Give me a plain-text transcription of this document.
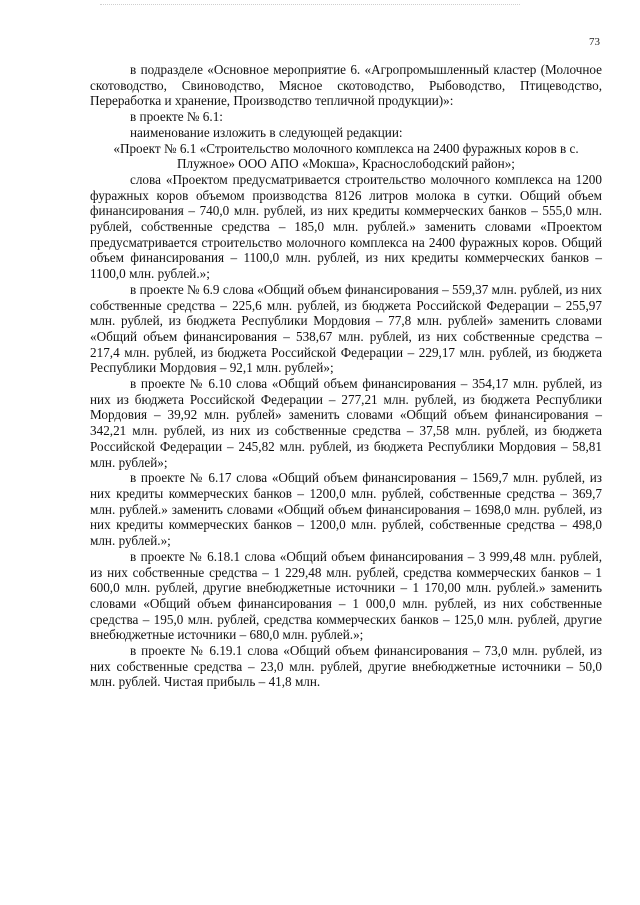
73

в подразделе «Основное мероприятие 6. «Агропромышленный кластер (Молочное скотоводство, Свиноводство, Мясное скотоводство, Рыбоводство, Птицеводство, Переработка и хранение, Производство тепличной продукции)»:

в проекте № 6.1:

наименование изложить в следующей редакции:

«Проект № 6.1 «Строительство молочного комплекса на 2400 фуражных коров в с. Плужное» ООО АПО «Мокша», Краснослободский район»;

слова «Проектом предусматривается строительство молочного комплекса на 1200 фуражных коров объемом производства 8126 литров молока в сутки. Общий объем финансирования – 740,0 млн. рублей, из них кредиты коммерческих банков – 555,0 млн. рублей, собственные средства – 185,0 млн. рублей.» заменить словами «Проектом предусматривается строительство молочного комплекса на 2400 фуражных коров. Общий объем финансирования – 1100,0 млн. рублей, из них кредиты коммерческих банков – 1100,0 млн. рублей.»;

в проекте № 6.9 слова «Общий объем финансирования – 559,37 млн. рублей, из них собственные средства – 225,6 млн. рублей, из бюджета Российской Федерации – 255,97 млн. рублей, из бюджета Республики Мордовия – 77,8 млн. рублей» заменить словами «Общий объем финансирования – 538,67 млн. рублей, из них собственные средства – 217,4 млн. рублей, из бюджета Российской Федерации – 229,17 млн. рублей, из бюджета Республики Мордовия – 92,1 млн. рублей»;

в проекте № 6.10 слова «Общий объем финансирования – 354,17 млн. рублей, из них из бюджета Российской Федерации – 277,21 млн. рублей, из бюджета Республики Мордовия – 39,92 млн. рублей» заменить словами «Общий объем финансирования – 342,21 млн. рублей, из них из собственные средства – 37,58 млн. рублей, из бюджета Российской Федерации – 245,82 млн. рублей, из бюджета Республики Мордовия – 58,81 млн. рублей»;

в проекте № 6.17 слова «Общий объем финансирования – 1569,7 млн. рублей, из них кредиты коммерческих банков – 1200,0 млн. рублей, собственные средства – 369,7 млн. рублей.» заменить словами «Общий объем финансирования – 1698,0 млн. рублей, из них кредиты коммерческих банков – 1200,0 млн. рублей, собственные средства – 498,0 млн. рублей.»;

в проекте № 6.18.1 слова «Общий объем финансирования – 3 999,48 млн. рублей, из них собственные средства – 1 229,48 млн. рублей, средства коммерческих банков – 1 600,0 млн. рублей, другие внебюджетные источники – 1 170,00 млн. рублей.» заменить словами «Общий объем финансирования – 1 000,0 млн. рублей, из них собственные средства – 195,0 млн. рублей, средства коммерческих банков – 125,0 млн. рублей, другие внебюджетные источники – 680,0 млн. рублей.»;

в проекте № 6.19.1 слова «Общий объем финансирования – 73,0 млн. рублей, из них собственные средства – 23,0 млн. рублей, другие внебюджетные источники – 50,0 млн. рублей. Чистая прибыль – 41,8 млн.
